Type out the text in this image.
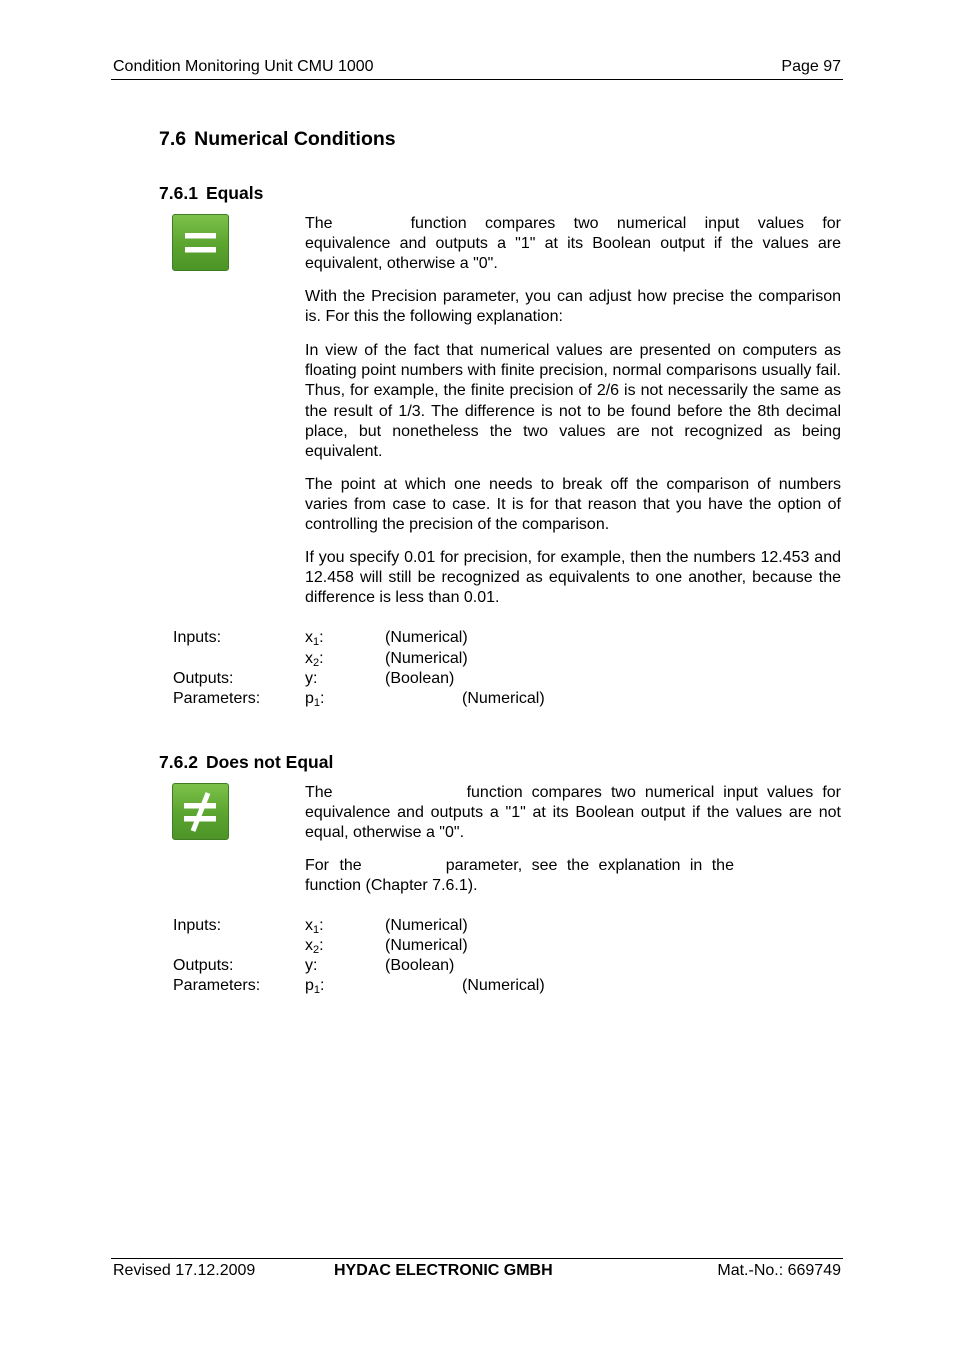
Condition Monitoring Unit CMU 1000	Page 97
7.6 Numerical Conditions
7.6.1 Equals

The	function compares two numerical input values for equivalence and outputs a "1" at its Boolean output if the values are equivalent, otherwise a "0".

With the Precision parameter, you can adjust how precise the comparison is. For this the following explanation:

In view of the fact that numerical values are presented on computers as floating point numbers with finite precision, normal comparisons usually fail. Thus, for example, the finite precision of 2/6 is not necessarily the same as the result of 1/3. The difference is not to be found before the 8th decimal place, but nonetheless the two values are not recognized as being equivalent.

The point at which one needs to break off the comparison of numbers varies from case to case. It is for that reason that you have the option of controlling the precision of the comparison.

If you specify 0.01 for precision, for example, then the numbers 12.453 and 12.458 will still be recognized as equivalents to one another, because the difference is less than 0.01.

Inputs:	$x_1$:	(Numerical)
$x_2$:	(Numerical)
Outputs:	y:	(Boolean)
Parameters:	$p_1$:	(Numerical)
7.6.2 Does not Equal

The	function compares two numerical input values for equivalence and outputs a "1" at its Boolean output if the values are not equal, otherwise a "0".

For the	parameter, see the explanation in the
function (Chapter 7.6.1).

Inputs:	$x_1$:	(Numerical)
$x_2$:	(Numerical)
Outputs:	y:	(Boolean)
Parameters:	$p_1$:	(Numerical)
Revised 17.12.2009	HYDAC ELECTRONIC GMBH	Mat.-No.: 669749
